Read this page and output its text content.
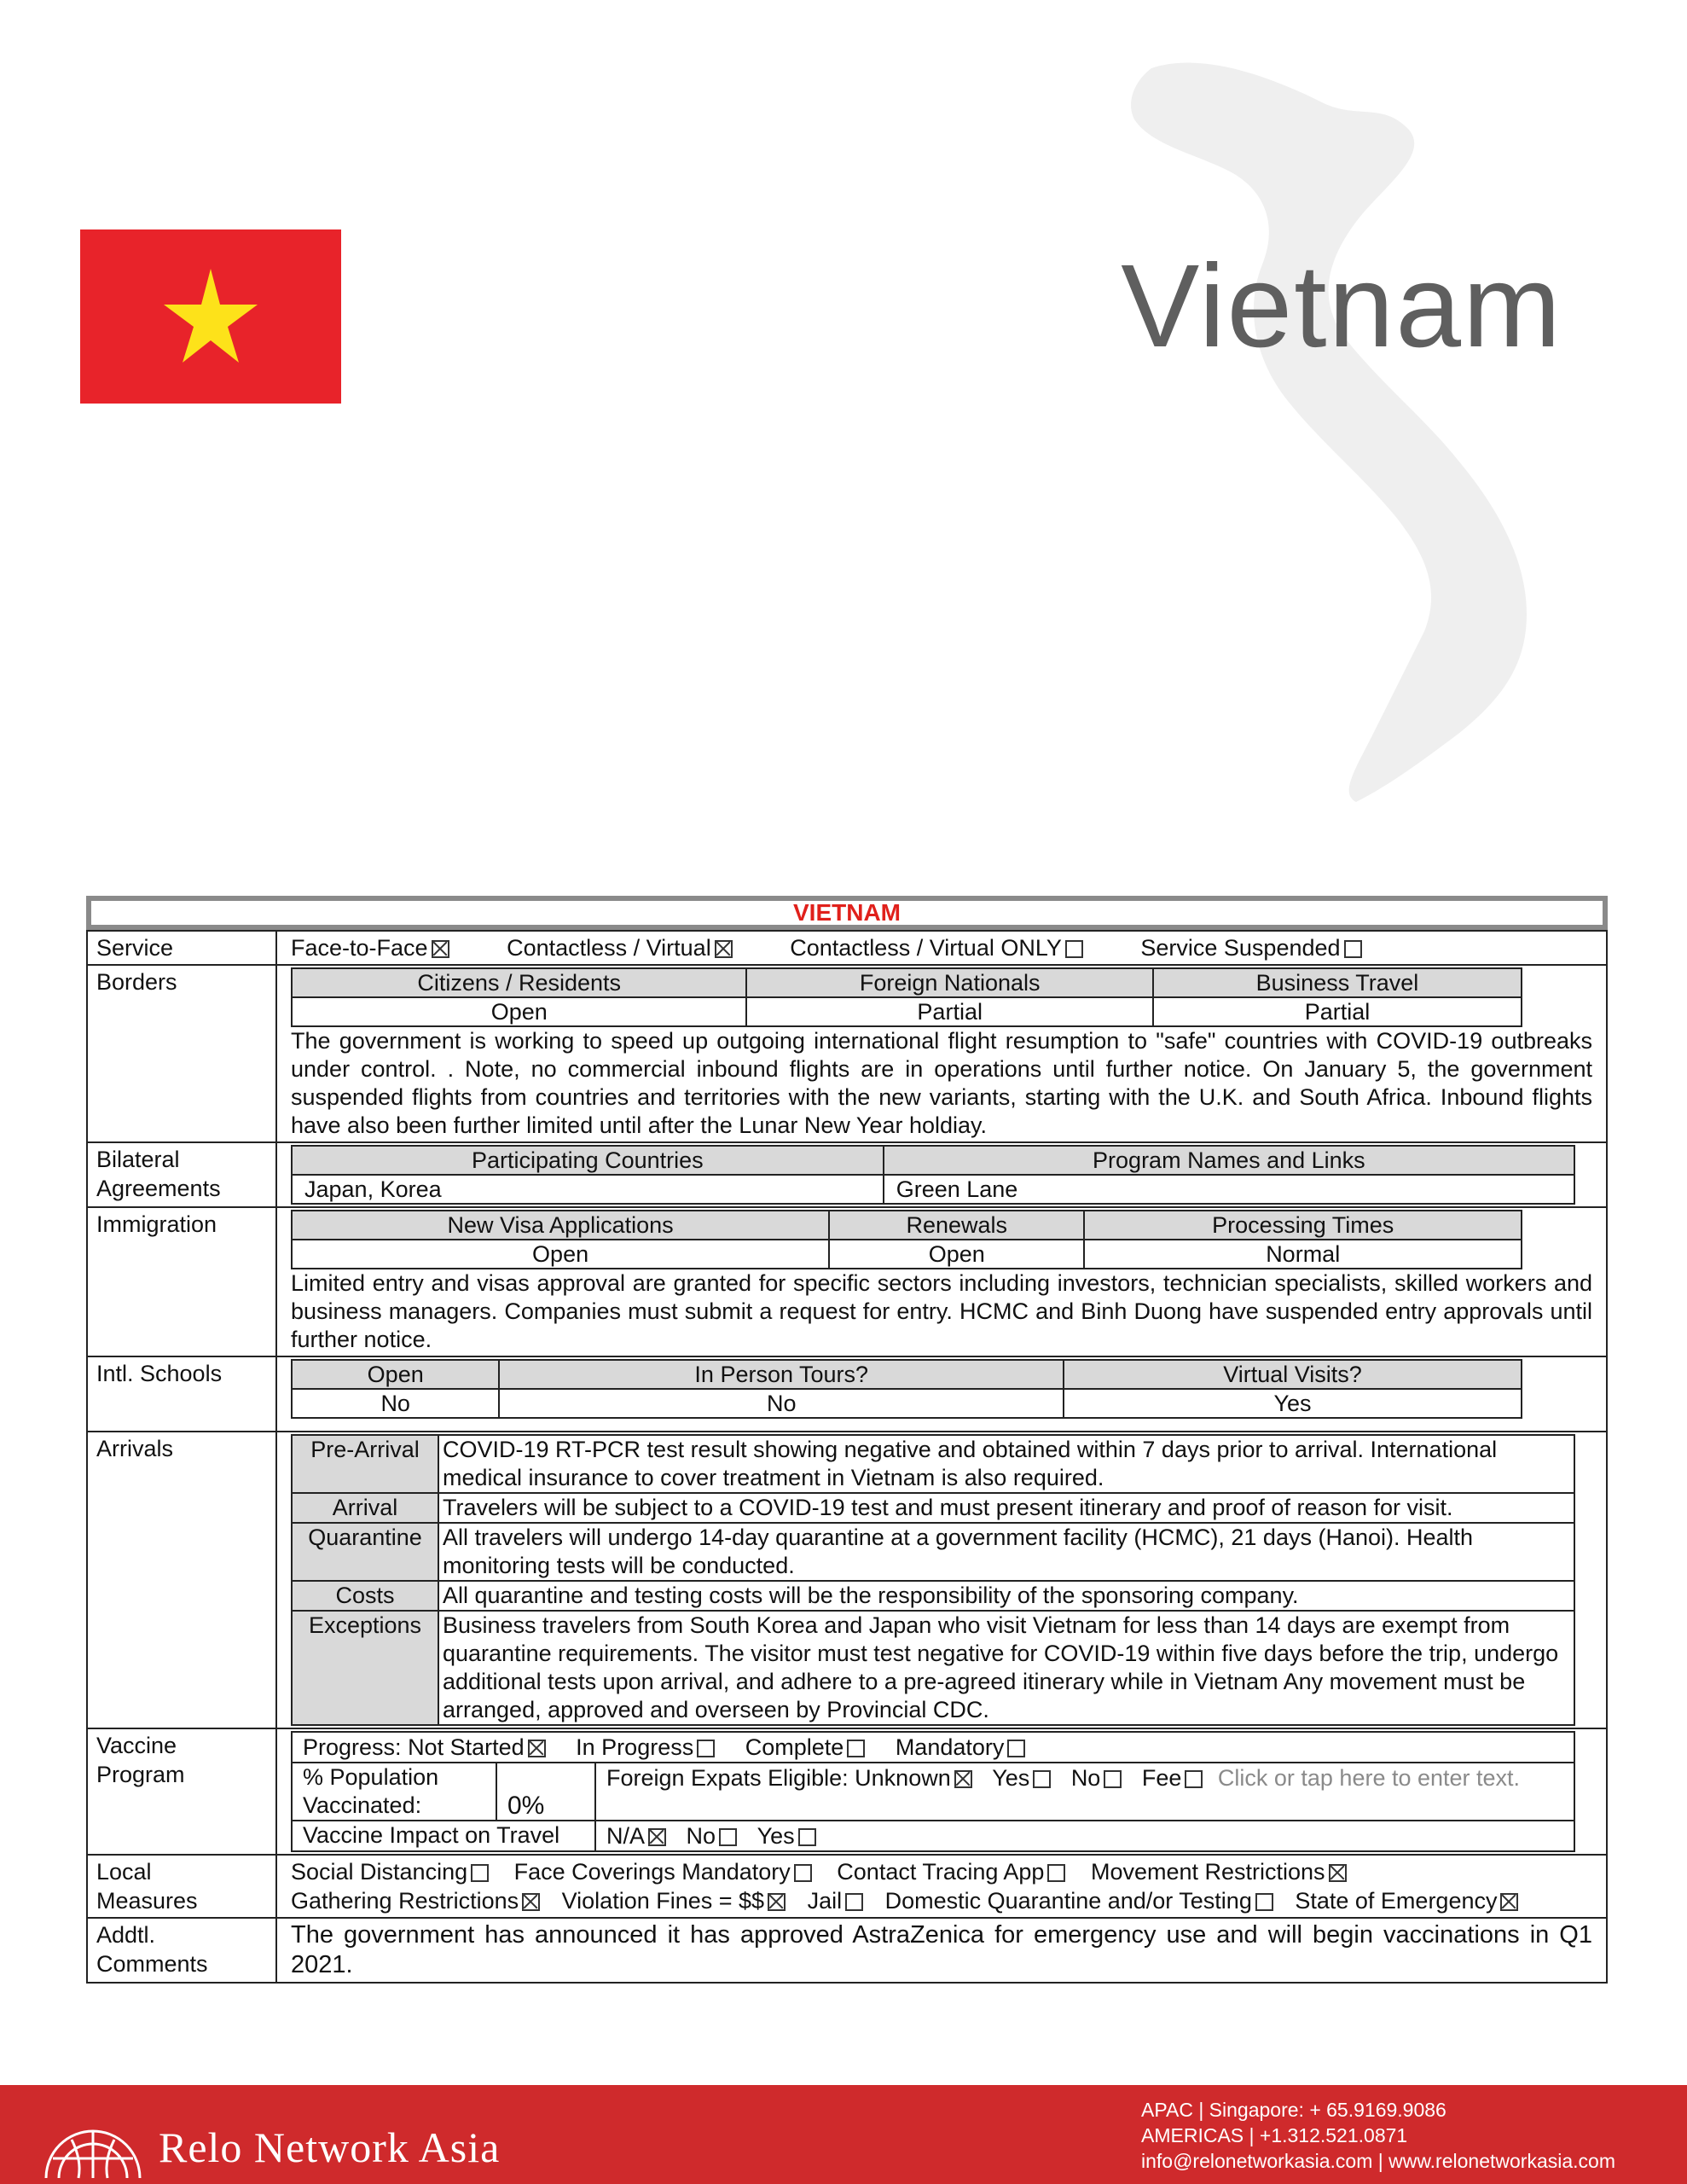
Vietnam
VIETNAM
Service	Face-to-Face	Contactless / Virtual	Contactless / Virtual ONLY	Service Suspended
Borders		Citizens / Residents	Foreign Nationals	Business Travel
Open	Partial	Partial

The government is working to speed up outgoing international flight resumption to "safe" countries with COVID-19 outbreaks under control. . Note, no commercial inbound flights are in operations until further notice. On January 5, the government suspended flights from countries and territories with the new variants, starting with the U.K. and South Africa. Inbound flights have also been further limited until after the Lunar New Year holdiay.

Bilateral
Agreements	
Participating Countries	Program Names and Links
Japan, Korea	Green Lane

Immigration		New Visa Applications	Renewals	Processing Times
Open	Open	Normal

Limited entry and visas approval are granted for specific sectors including investors, technician specialists, skilled workers and business managers. Companies must submit a request for entry. HCMC and Binh Duong have suspended entry approvals until further notice.

Intl. Schools		Open	In Person Tours?	Virtual Visits?
No	No	Yes

Arrivals		Pre-Arrival	COVID-19 RT-PCR test result showing negative and obtained within 7 days prior to arrival. International medical insurance to cover treatment in Vietnam is also required.
Arrival	Travelers will be subject to a COVID-19 test and must present itinerary and proof of reason for visit.
Quarantine	All travelers will undergo 14-day quarantine at a government facility (HCMC), 21 days (Hanoi). Health monitoring tests will be conducted.
Costs	All quarantine and testing costs will be the responsibility of the sponsoring company.
Exceptions	Business travelers from South Korea and Japan who visit Vietnam for less than 14 days are exempt from quarantine requirements. The visitor must test negative for COVID-19 within five days before the trip, undergo additional tests upon arrival, and adhere to a pre-agreed itinerary while in Vietnam Any movement must be arranged, approved and overseen by Provincial CDC.

Vaccine
Program	
Progress: Not Started In Progress Complete Mandatory
% Population
Vaccinated:	0%	Foreign Expats Eligible: Unknown Yes No Fee Click or tap here to enter text.
Vaccine Impact on Travel	N/A No Yes

Local
Measures	
Social Distancing Face Coverings Mandatory Contact Tracing App Movement Restrictions
Gathering Restrictions Violation Fines = $$ Jail Domestic Quarantine and/or Testing State of Emergency

Addtl.
Comments	

The government has announced it has approved AstraZenica for emergency use and will begin vaccinations in Q1 2021.

Relo Network Asia
APAC | Singapore: + 65.9169.9086
AMERICAS | +1.312.521.0871
info@relonetworkasia.com | www.relonetworkasia.com
